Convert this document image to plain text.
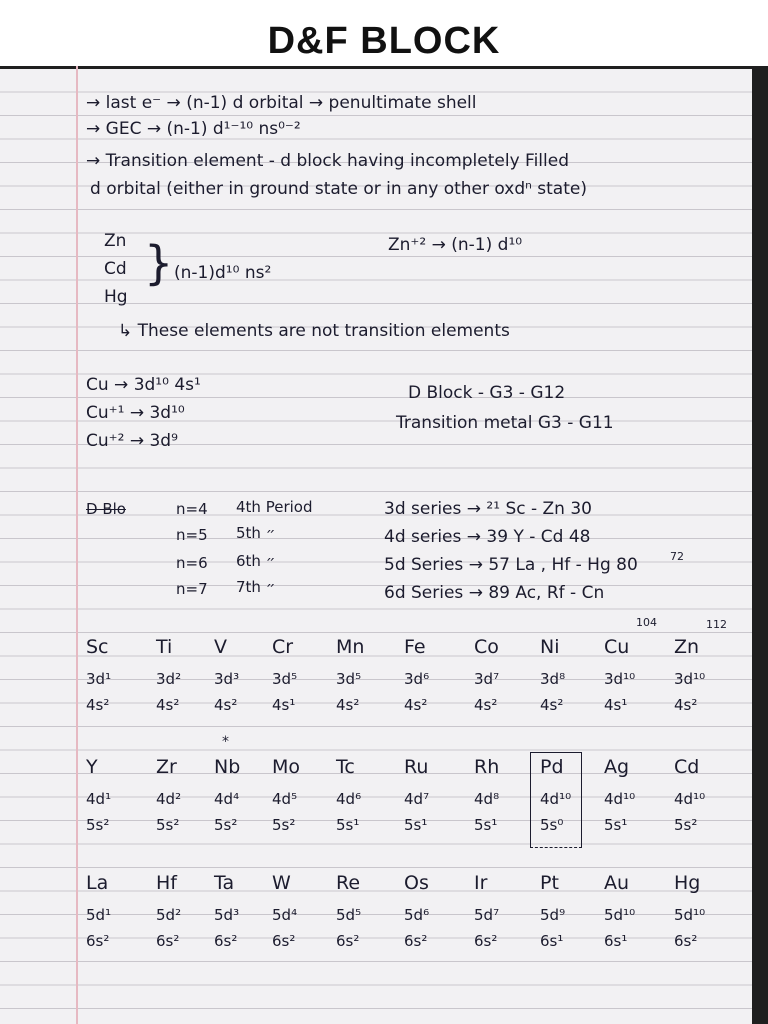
D&F BLOCK
→ last e⁻ → (n-1) d orbital → penultimate shell
→ GEC → (n-1) d¹⁻¹⁰ ns⁰⁻²
→ Transition element - d block having incompletely Filled
d orbital (either in ground state or in any other oxdⁿ state)
Zn
Cd
Hg
} (n-1)d¹⁰ ns²
Zn⁺² → (n-1) d¹⁰
↳ These elements are not transition elements
Cu → 3d¹⁰ 4s¹
Cu⁺¹ → 3d¹⁰
Cu⁺² → 3d⁹
D Block - G3 - G12
Transition metal G3 - G11
D Blo	n=4 4th Period	3d series → ²¹ Sc - Zn 30
n=5 5th ״	4d series → 39 Y - Cd 48
72
n=6 6th ״	5d Series → 57 La , Hf - Hg 80
n=7 7th ״	6d Series → 89 Ac, Rf - Cn
104	112
Sc Ti V Cr Mn Fe	Co Ni Cu Zn
3d¹	3d² 3d³ 3d⁵	3d⁵	3d⁶	3d⁷	3d⁸	3d¹⁰	3d¹⁰
4s²	4s² 4s² 4s¹	4s²	4s²	4s²	4s²	4s¹	4s²
Y	Zr Nb Mo Tc	Ru Rh Pd Ag Cd
4d¹	4d² 4d⁴ 4d⁵	4d⁶	4d⁷	4d⁸	4d¹⁰ 4d¹⁰	4d¹⁰
5s²	5s² 5s² 5s²	5s¹	5s¹	5s¹	5s⁰	5s¹	5s²
La	Hf Ta W Re Os Ir	Pt Au Hg
5d¹	5d² 5d³ 5d⁴	5d⁵	5d⁶	5d⁷	5d⁹	5d¹⁰	5d¹⁰
6s²	6s² 6s² 6s²	6s²	6s²	6s²	6s¹	6s¹	6s²
*
